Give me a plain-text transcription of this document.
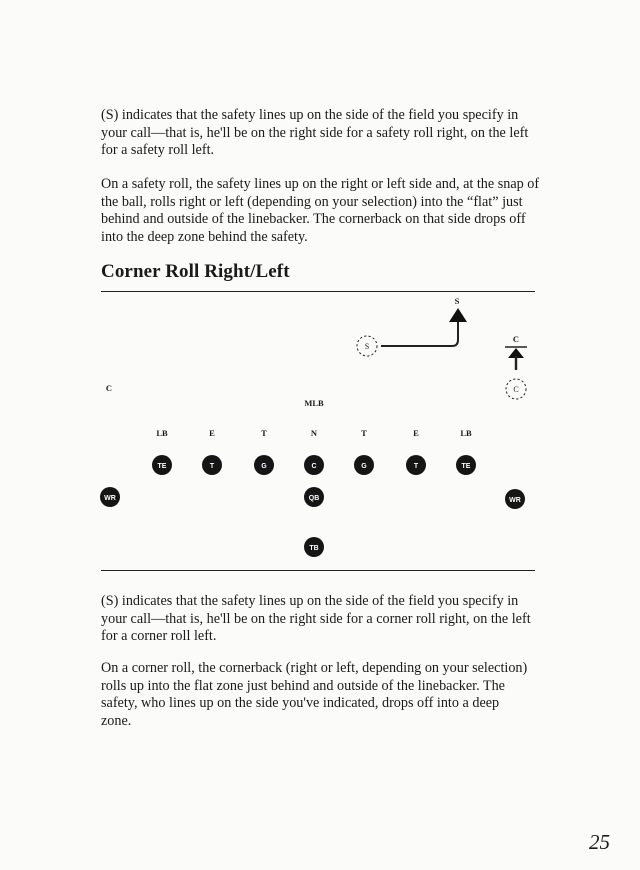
(S) indicates that the safety lines up on the side of the field you specify in your call—that is, he'll be on the right side for a safety roll right, on the left for a safety roll left.

On a safety roll, the safety lines up on the right or left side and, at the snap of the ball, rolls right or left (depending on your selection) into the “flat” just behind and outside of the linebacker. The cornerback on that side drops off into the deep zone behind the safety.

Corner Roll Right/Left
S
S
C
C
C
MLB
LB	E	T	N	T	E	LB
TE	T	G	C	G	T	TE
WR	QB	WR
TB

(S) indicates that the safety lines up on the side of the field you specify in your call—that is, he'll be on the right side for a corner roll right, on the left for a corner roll left.

On a corner roll, the cornerback (right or left, depending on your selection) rolls up into the flat zone just behind and outside of the linebacker. The safety, who lines up on the side you've indicated, drops off into a deep zone.

25
